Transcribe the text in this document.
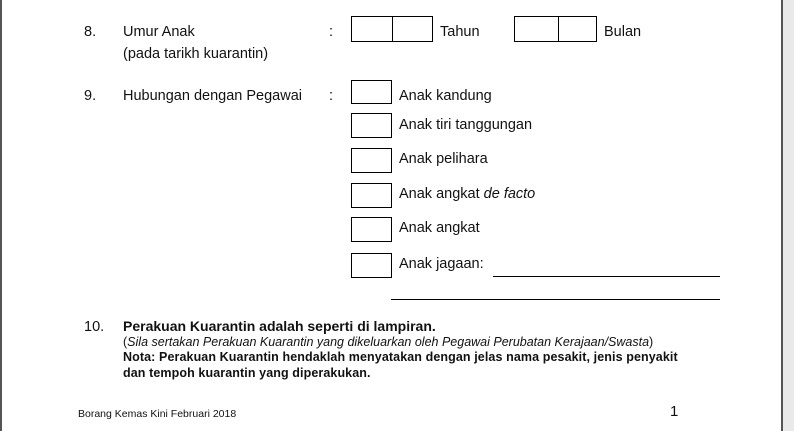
8. Umur Anak
(pada tarikh kuarantin)
:	Tahun	Bulan
9. Hubungan dengan Pegawai :	Anak kandung
Anak tiri tanggungan
Anak pelihara
Anak angkat de facto
Anak angkat
Anak jagaan:
10. Perakuan Kuarantin adalah seperti di lampiran.
(Sila sertakan Perakuan Kuarantin yang dikeluarkan oleh Pegawai Perubatan Kerajaan/Swasta)
Nota: Perakuan Kuarantin hendaklah menyatakan dengan jelas nama pesakit, jenis penyakit
dan tempoh kuarantin yang diperakukan.
Borang Kemas Kini Februari 2018	1
